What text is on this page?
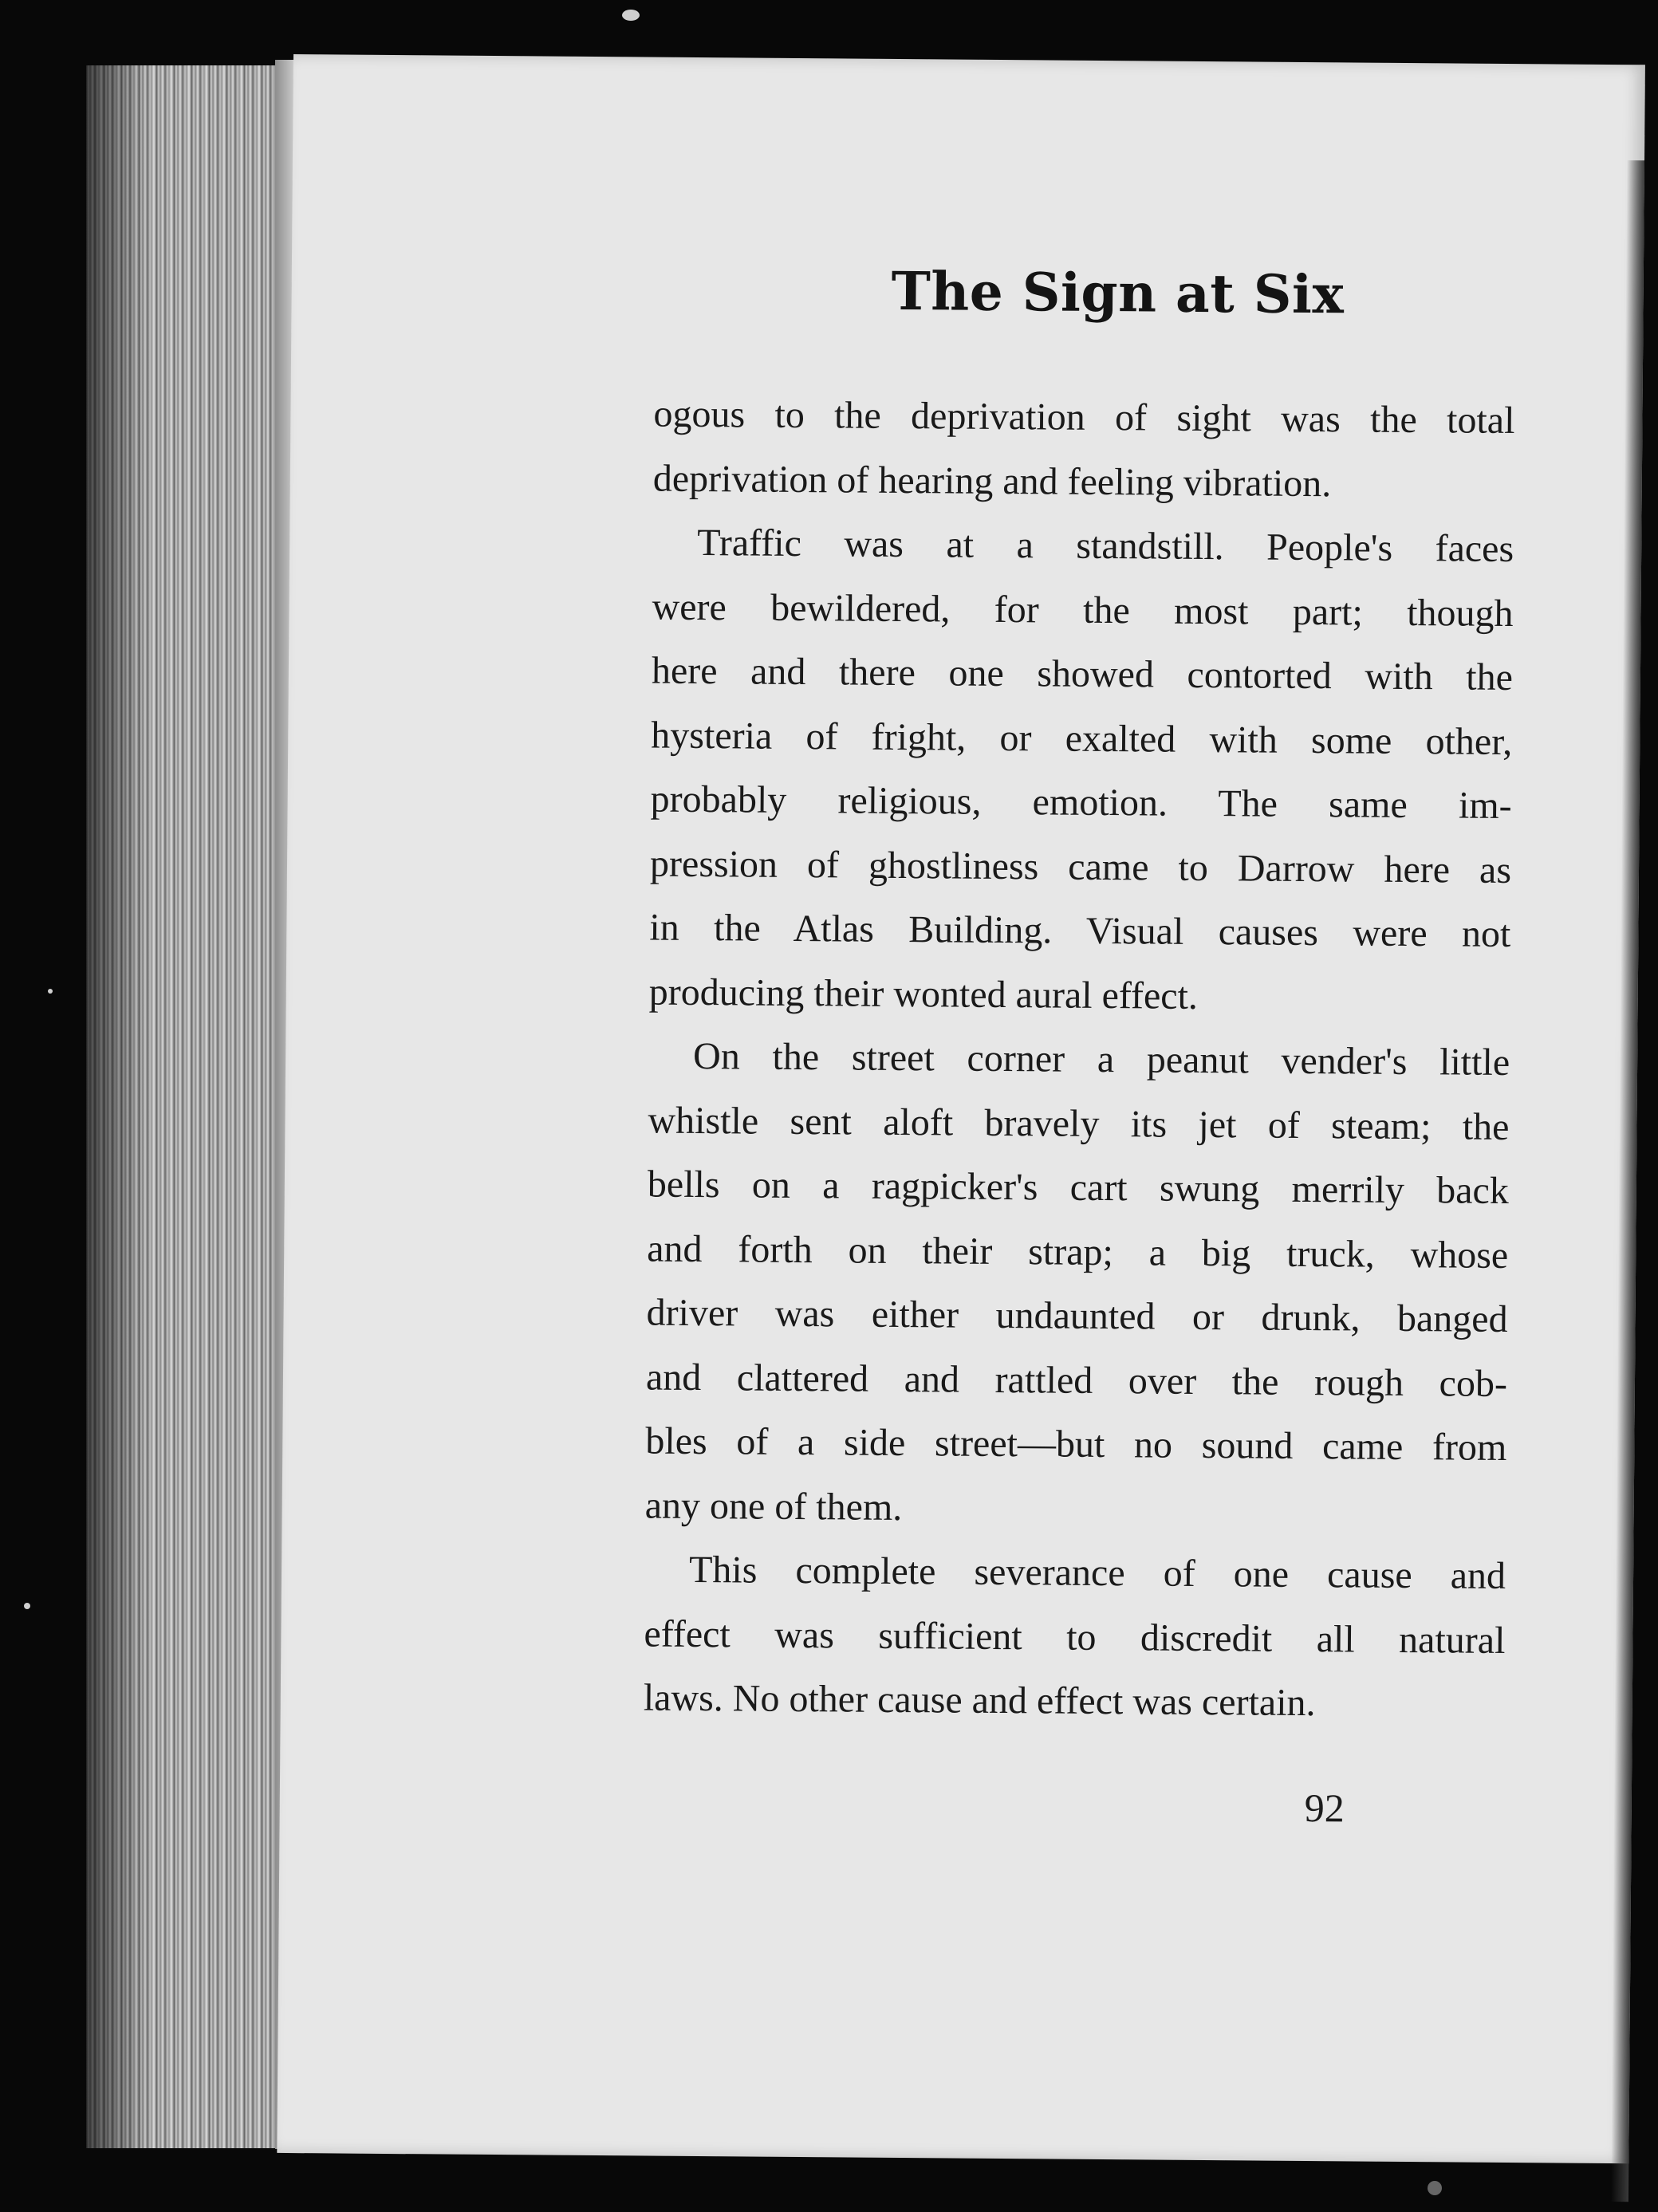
The Sign at Six

ogous to the deprivation of sight was the total
deprivation of hearing and feeling vibration.

Traffic was at a standstill. People's faces
were bewildered, for the most part; though
here and there one showed contorted with the
hysteria of fright, or exalted with some other,
probably religious, emotion. The same im-
pression of ghostliness came to Darrow here as
in the Atlas Building. Visual causes were not
producing their wonted aural effect.

On the street corner a peanut vender's little
whistle sent aloft bravely its jet of steam; the
bells on a ragpicker's cart swung merrily back
and forth on their strap; a big truck, whose
driver was either undaunted or drunk, banged
and clattered and rattled over the rough cob-
bles of a side street—but no sound came from
any one of them.

This complete severance of one cause and
effect was sufficient to discredit all natural
laws. No other cause and effect was certain.

92
